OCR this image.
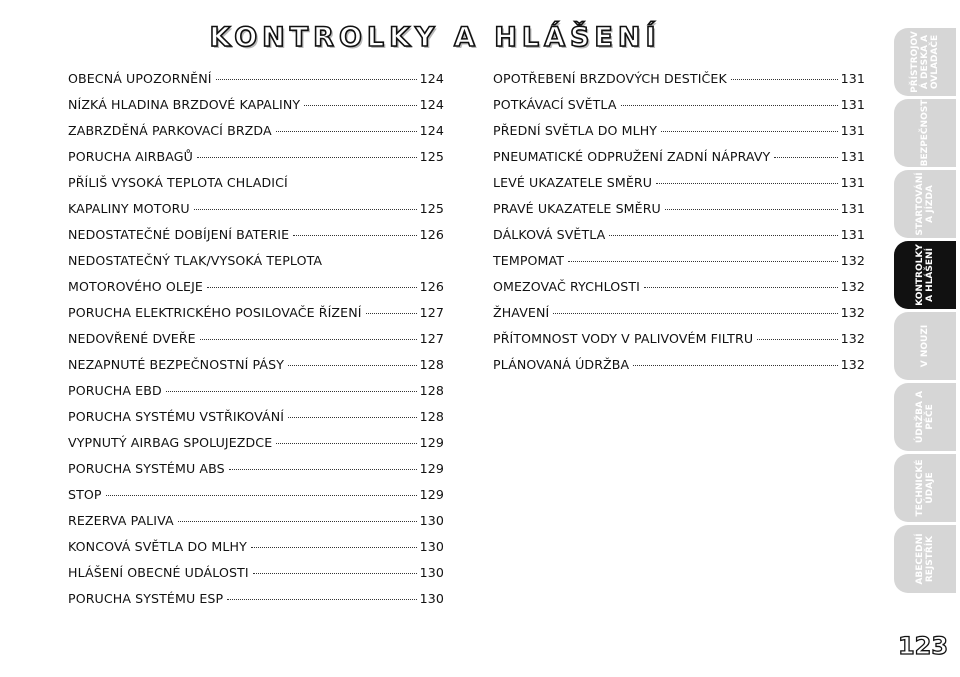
KONTROLKY A HLÁŠENÍ
OBECNÁ UPOZORNĚNÍ	124
NÍZKÁ HLADINA BRZDOVÉ KAPALINY	124
ZABRZDĚNÁ PARKOVACÍ BRZDA	124
PORUCHA AIRBAGŮ	125
PŘÍLIŠ VYSOKÁ TEPLOTA CHLADICÍ
KAPALINY MOTORU	125
NEDOSTATEČNÉ DOBÍJENÍ BATERIE	126
NEDOSTATEČNÝ TLAK/VYSOKÁ TEPLOTA
MOTOROVÉHO OLEJE	126
PORUCHA ELEKTRICKÉHO POSILOVAČE ŘÍZENÍ	127
NEDOVŘENÉ DVEŘE	127
NEZAPNUTÉ BEZPEČNOSTNÍ PÁSY	128
PORUCHA EBD	128
PORUCHA SYSTÉMU VSTŘIKOVÁNÍ	128
VYPNUTÝ AIRBAG SPOLUJEZDCE	129
PORUCHA SYSTÉMU ABS	129
STOP	129
REZERVA PALIVA	130
KONCOVÁ SVĚTLA DO MLHY	130
HLÁŠENÍ OBECNÉ UDÁLOSTI	130
PORUCHA SYSTÉMU ESP	130
OPOTŘEBENÍ BRZDOVÝCH DESTIČEK	131
POTKÁVACÍ SVĚTLA	131
PŘEDNÍ SVĚTLA DO MLHY	131
PNEUMATICKÉ ODPRUŽENÍ ZADNÍ NÁPRAVY	131
LEVÉ UKAZATELE SMĚRU	131
PRAVÉ UKAZATELE SMĚRU	131
DÁLKOVÁ SVĚTLA	131
TEMPOMAT	132
OMEZOVAČ RYCHLOSTI	132
ŽHAVENÍ	132
PŘÍTOMNOST VODY V PALIVOVÉM FILTRU	132
PLÁNOVANÁ ÚDRŽBA	132
PŘÍSTROJOV
Á DESKA A
OVLADAČE
BEZPEČNOST
STARTOVÁNÍ
A JÍZDA
KONTROLKY
A HLÁŠENÍ
V NOUZI
ÚDRŽBA A
PÉČE
TECHNICKÉ
ÚDAJE
ABECEDNÍ
REJSTŘÍK
123
